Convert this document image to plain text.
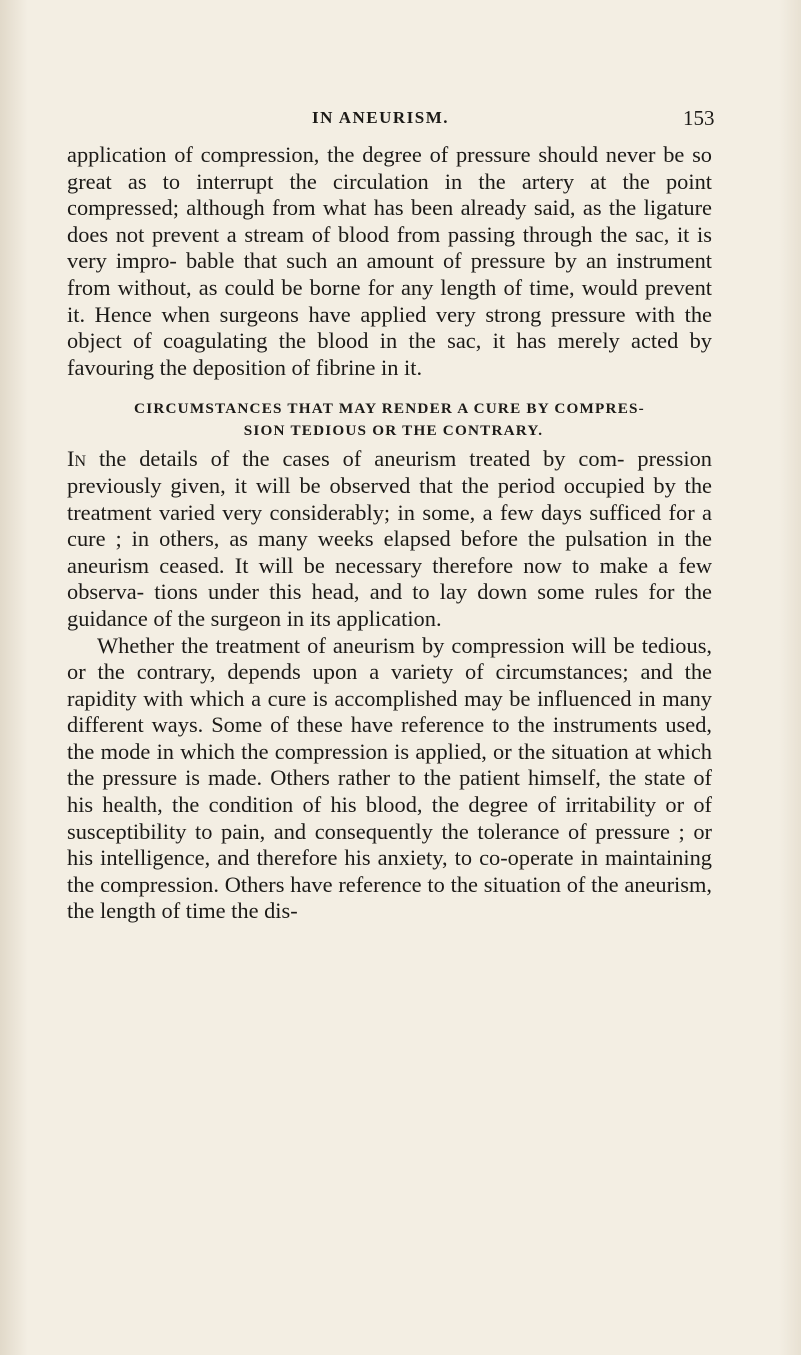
IN ANEURISM.	153

application of compression, the degree of pressure should never be so great as to interrupt the circulation in the artery at the point compressed; although from what has been already said, as the ligature does not prevent a stream of blood from passing through the sac, it is very impro- bable that such an amount of pressure by an instrument from without, as could be borne for any length of time, would prevent it. Hence when surgeons have applied very strong pressure with the object of coagulating the blood in the sac, it has merely acted by favouring the deposition of fibrine in it.

CIRCUMSTANCES THAT MAY RENDER A CURE BY COMPRES-
SION TEDIOUS OR THE CONTRARY.

In the details of the cases of aneurism treated by com- pression previously given, it will be observed that the period occupied by the treatment varied very considerably; in some, a few days sufficed for a cure ; in others, as many weeks elapsed before the pulsation in the aneurism ceased. It will be necessary therefore now to make a few observa- tions under this head, and to lay down some rules for the guidance of the surgeon in its application.

Whether the treatment of aneurism by compression will be tedious, or the contrary, depends upon a variety of circumstances; and the rapidity with which a cure is accomplished may be influenced in many different ways. Some of these have reference to the instruments used, the mode in which the compression is applied, or the situation at which the pressure is made. Others rather to the patient himself, the state of his health, the condition of his blood, the degree of irritability or of susceptibility to pain, and consequently the tolerance of pressure ; or his intelligence, and therefore his anxiety, to co-operate in maintaining the compression. Others have reference to the situation of the aneurism, the length of time the dis-
